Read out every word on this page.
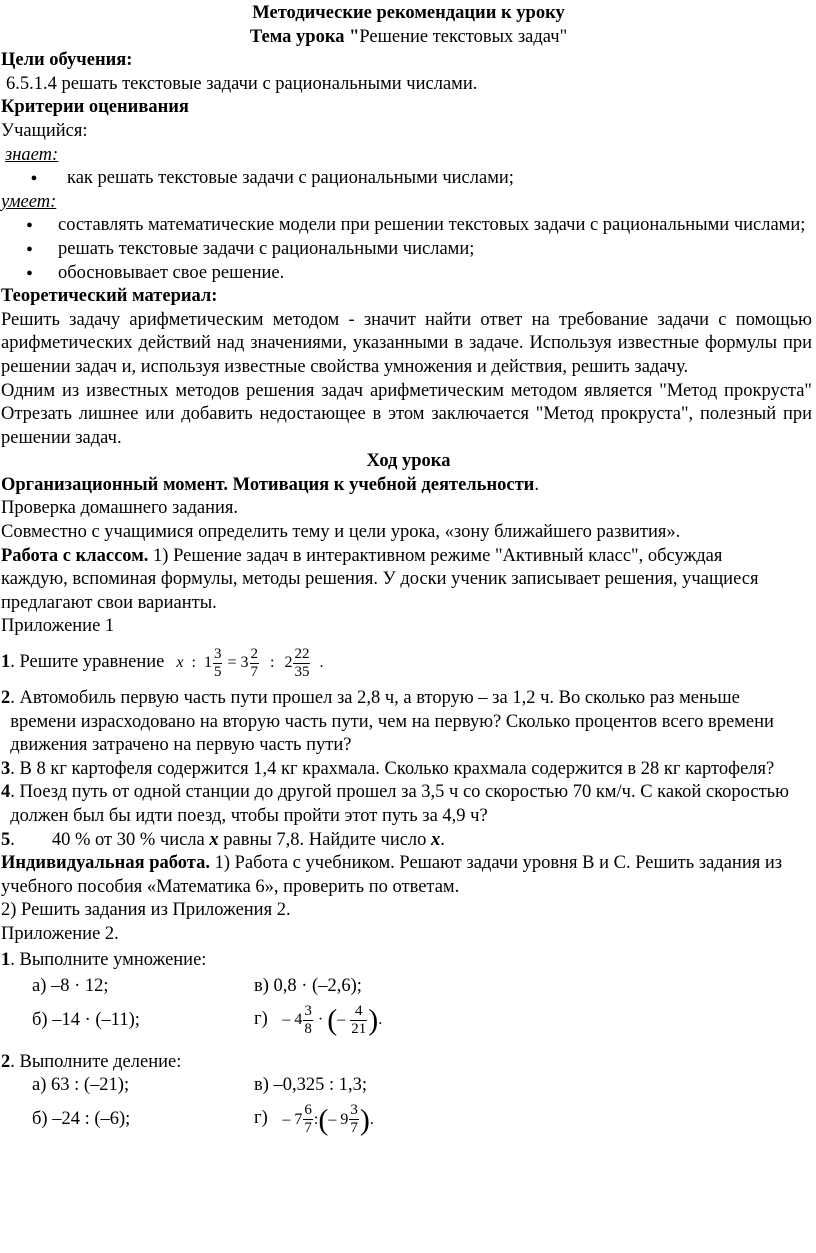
Методические рекомендации к уроку
Тема урока "Решение текстовых задач"
Цели обучения:
6.5.1.4 решать текстовые задачи с рациональными числами.
Критерии оценивания
Учащийся:
знает:
●	как решать текстовые задачи с рациональными числами;
умеет:
●	составлять математические модели при решении текстовых задачи с рациональными числами;
●	решать текстовые задачи с рациональными числами;
●	обосновывает свое решение.
Теоретический материал:
Решить задачу арифметическим методом - значит найти ответ на требование задачи с помощью арифметических действий над значениями, указанными в задаче. Используя известные формулы при решении задач и, используя известные свойства умножения и действия, решить задачу.
Одним из известных методов решения задач арифметическим методом является "Метод прокруста" Отрезать лишнее или добавить недостающее в этом заключается "Метод прокруста", полезный при решении задач.
Ход урока
Организационный момент. Мотивация к учебной деятельности.
Проверка домашнего задания.
Совместно с учащимися определить тему и цели урока, «зону ближайшего развития».
Работа с классом. 1) Решение задач в интерактивном режиме "Активный класс", обсуждая каждую, вспоминая формулы, методы решения. У доски ученик записывает решения, учащиеся предлагают свои варианты.
Приложение 1
1 . Решите уравнение x : $1 \frac{3}{5} = 3 \frac{2}{7}$ : $2 \frac{22}{35}$ .
2 . Автомобиль первую часть пути прошел за 2,8 ч, а вторую – за 1,2 ч. Во сколько раз меньше времени израсходовано на вторую часть пути, чем на первую? Сколько процентов всего времени движения затрачено на первую часть пути?
3 . В 8 кг картофеля содержится 1,4 кг крахмала. Сколько крахмала содержится в 28 кг картофеля?
4 . Поезд путь от одной станции до другой прошел за 3,5 ч со скоростью 70 км/ч. С какой скоростью должен был бы идти поезд, чтобы пройти этот путь за 4,9 ч?
5.        40 % от 30 % числа x равны 7,8. Найдите число x.
Индивидуальная работа. 1) Работа с учебником. Решают задачи уровня В и С. Решить задания из учебного пособия «Математика 6», проверить по ответам.
2) Решить задания из Приложения 2.
Приложение 2.
1. Выполните умножение:
а) –8 · 12;	в) 0,8 · (–2,6);
б) –14 · (–11);	$г) - 4 \frac{3}{8}$ · (– $\frac{4}{21}$ ).
2. Выполните деление:
а) 63 : (–21);	в) –0,325 : 1,3;
б) –24 : (–6);	$г) - 7 \frac{6}{7}$ :(– $9 \frac{3}{7}$ ).
